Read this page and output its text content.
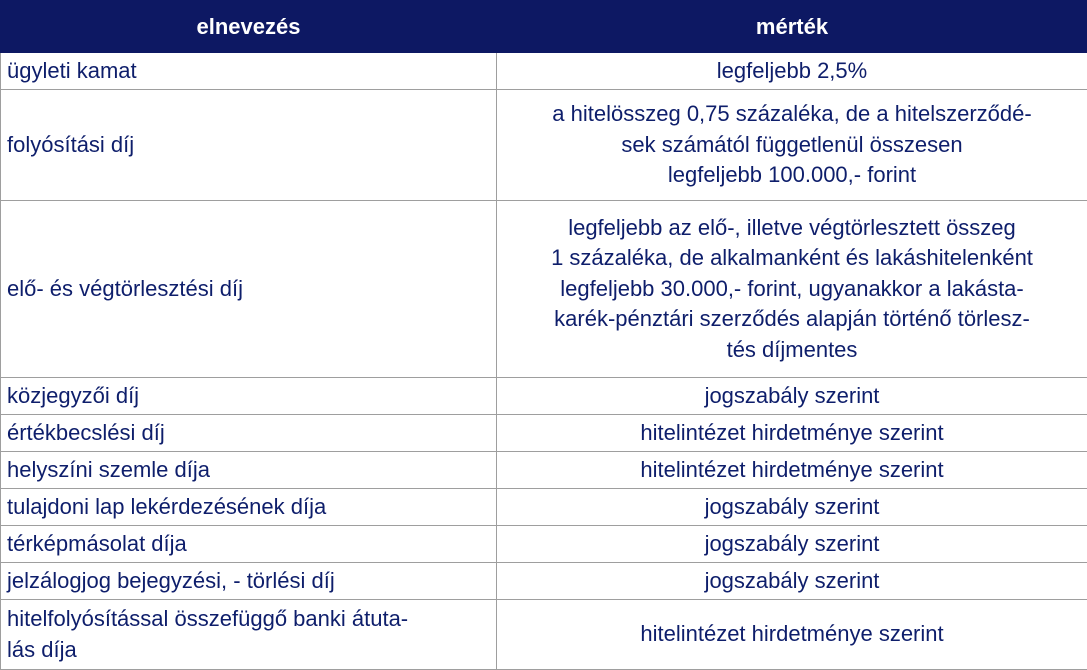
elnevezés	mérték
ügyleti kamat	legfeljebb 2,5%

folyósítási díj	a hitelösszeg 0,75 százaléka, de a hitelszerződé-
sek számától függetlenül összesen
legfeljebb 100.000,- forint

elő- és végtörlesztési díj	legfeljebb az elő-, illetve végtörlesztett összeg
1 százaléka, de alkalmanként és lakáshitelenként
legfeljebb 30.000,- forint, ugyanakkor a lakásta-
karék-pénztári szerződés alapján történő törlesz-
tés díjmentes

közjegyzői díj	jogszabály szerint

értékbecslési díj	hitelintézet hirdetménye szerint

helyszíni szemle díja	hitelintézet hirdetménye szerint

tulajdoni lap lekérdezésének díja	jogszabály szerint

térképmásolat díja	jogszabály szerint

jelzálogjog bejegyzési, - törlési díj	jogszabály szerint

hitelfolyósítással összefüggő banki átuta-
lás díja	hitelintézet hirdetménye szerint
